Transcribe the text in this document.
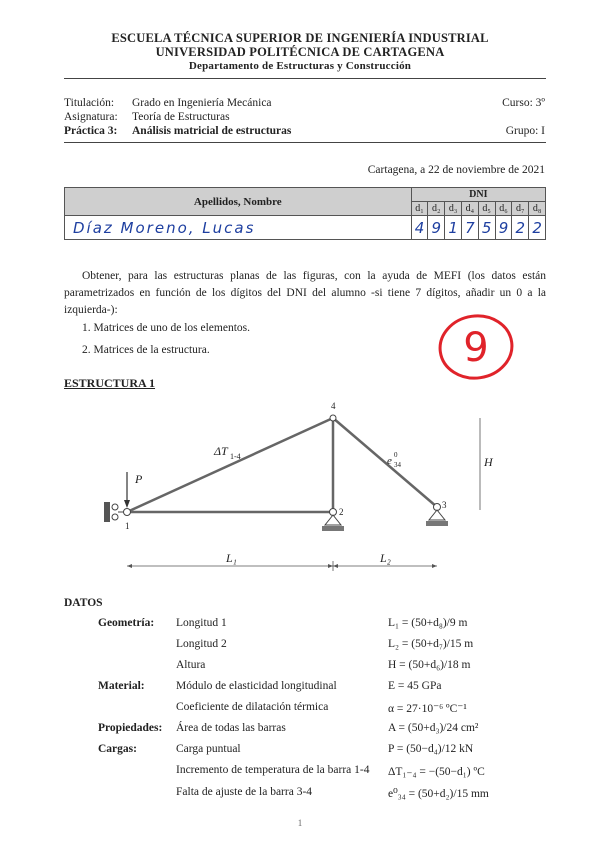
ESCUELA TÉCNICA SUPERIOR DE INGENIERÍA INDUSTRIAL
UNIVERSIDAD POLITÉCNICA DE CARTAGENA
Departamento de Estructuras y Construcción
Titulación: Grado en Ingeniería Mecánica	Curso: 3º
Asignatura: Teoría de Estructuras
Práctica 3: Análisis matricial de estructuras	Grupo: I
Cartagena, a 22 de noviembre de 2021
Apellidos, Nombre	DNI							
	d₁	d₂	d₃	d₄	d₅	d₆	d₇	d₈
Díaz Moreno, Lucas	4	9	1	7	5	9	2	2
Obtener, para las estructuras planas de las figuras, con la ayuda de MEFI (los datos están parametrizados en función de los dígitos del DNI del alumno -si tiene 7 dígitos, añadir un 0 a la izquierda-):
1. Matrices de uno de los elementos.
2. Matrices de la estructura.	9
ESTRUCTURA 1
P
ΔT 1-4	e 0
34
4
2
3
1
H
L₁	L₂
DATOS
Geometría: Longitud 1	L₁ = (50+d₈)/9 m
Longitud 2	L₂ = (50+d₇)/15 m
Altura	H = (50+d₆)/18 m
Material:	Módulo de elasticidad longitudinal	E = 45 GPa
Coeficiente de dilatación térmica	α = 27·10⁻⁶ ºC⁻¹
Propiedades: Área de todas las barras	A = (50+d₃)/24 cm²
Cargas:	Carga puntual	P = (50−d₄)/12 kN
Incremento de temperatura de la barra 1-4 ΔT₁₋₄ = −(50−d₁) ºC
Falta de ajuste de la barra 3-4	e⁰₃₄ = (50+d₂)/15 mm
1
